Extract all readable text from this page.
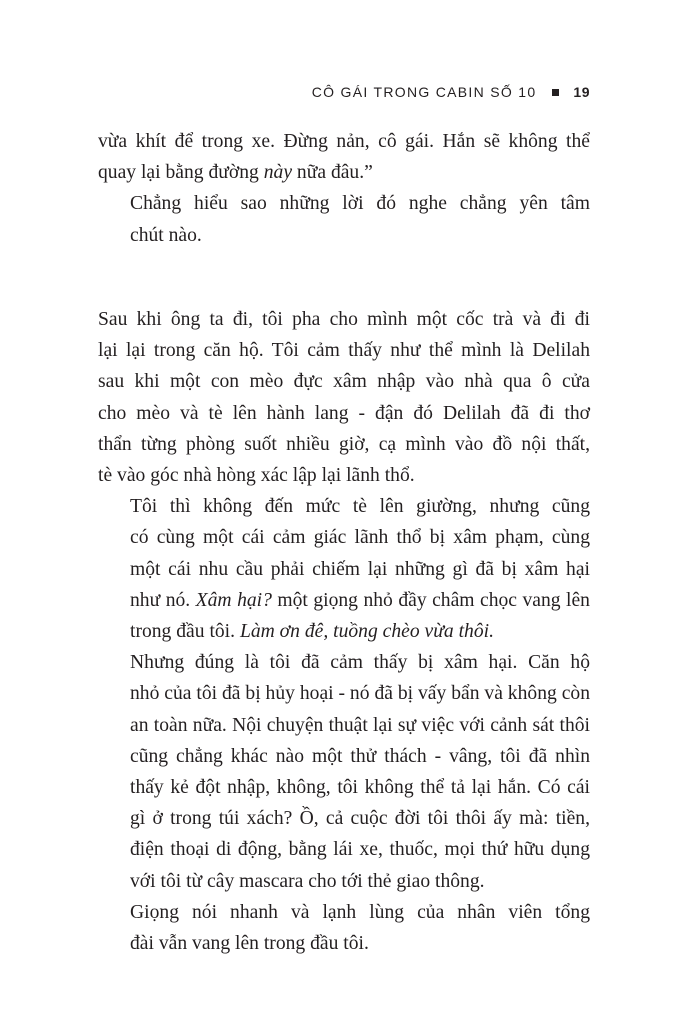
CÔ GÁI TRONG CABIN SỐ 10	19

vừa khít để trong xe. Đừng nản, cô gái. Hắn sẽ không thể
quay lại bằng đường này nữa đâu.”

Chẳng hiểu sao những lời đó nghe chẳng yên tâm
chút nào.

Sau khi ông ta đi, tôi pha cho mình một cốc trà và đi đi
lại lại trong căn hộ. Tôi cảm thấy như thể mình là Delilah
sau khi một con mèo đực xâm nhập vào nhà qua ô cửa
cho mèo và tè lên hành lang - đận đó Delilah đã đi thơ
thẩn từng phòng suốt nhiều giờ, cạ mình vào đồ nội thất,
tè vào góc nhà hòng xác lập lại lãnh thổ.

Tôi thì không đến mức tè lên giường, nhưng cũng
có cùng một cái cảm giác lãnh thổ bị xâm phạm, cùng
một cái nhu cầu phải chiếm lại những gì đã bị xâm hại
như nó. Xâm hại? một giọng nhỏ đầy châm chọc vang lên
trong đầu tôi. Làm ơn đê, tuồng chèo vừa thôi.

Nhưng đúng là tôi đã cảm thấy bị xâm hại. Căn hộ
nhỏ của tôi đã bị hủy hoại - nó đã bị vấy bẩn và không còn
an toàn nữa. Nội chuyện thuật lại sự việc với cảnh sát thôi
cũng chẳng khác nào một thử thách - vâng, tôi đã nhìn
thấy kẻ đột nhập, không, tôi không thể tả lại hắn. Có cái
gì ở trong túi xách? Ồ, cả cuộc đời tôi thôi ấy mà: tiền,
điện thoại di động, bằng lái xe, thuốc, mọi thứ hữu dụng
với tôi từ cây mascara cho tới thẻ giao thông.

Giọng nói nhanh và lạnh lùng của nhân viên tổng
đài vẫn vang lên trong đầu tôi.
